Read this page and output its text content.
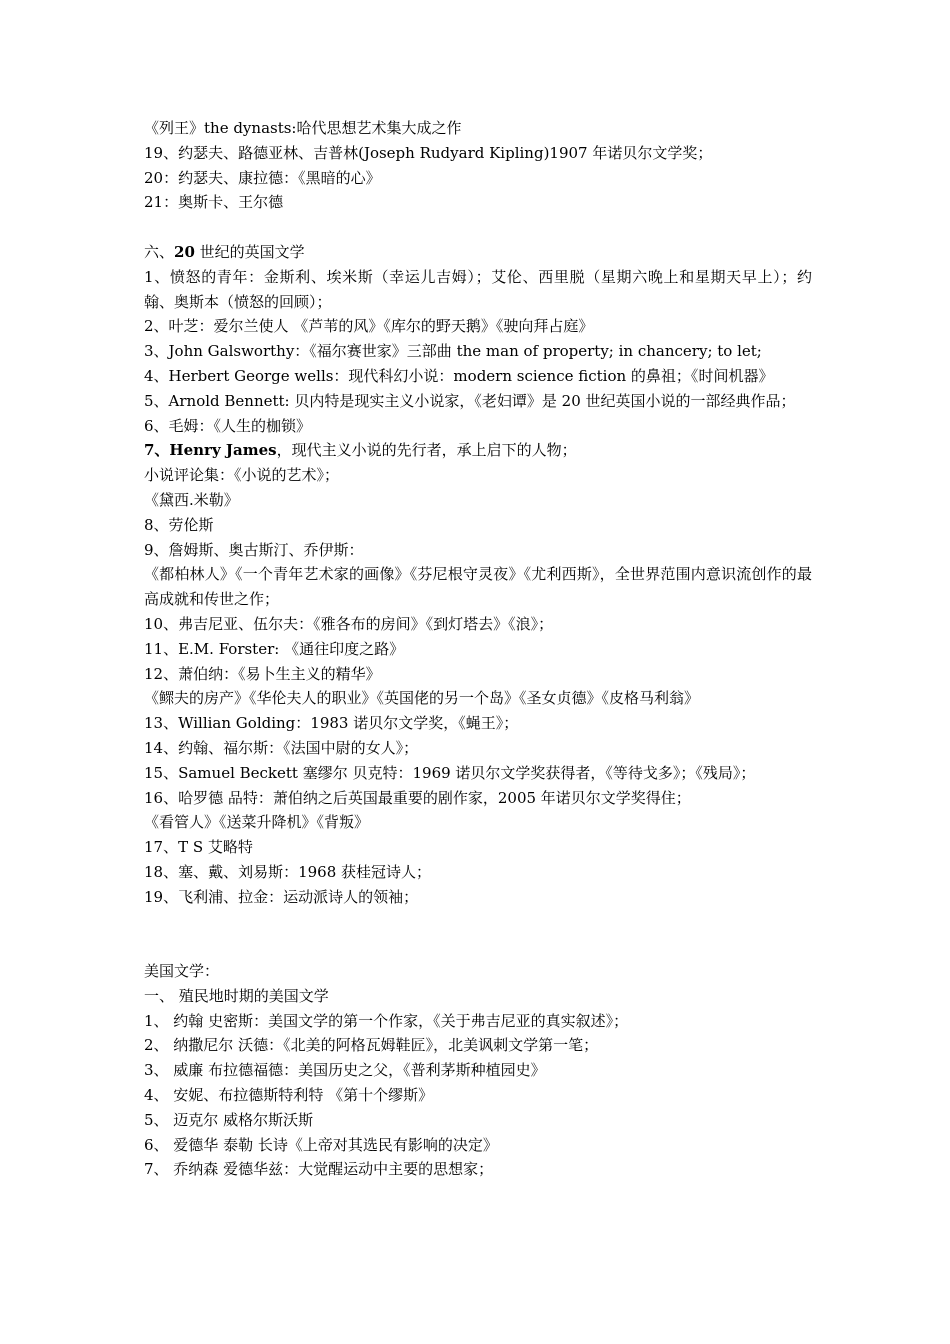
《列王》the dynasts:哈代思想艺术集大成之作

19、约瑟夫、路德亚林、吉普林(Joseph Rudyard Kipling)1907 年诺贝尔文学奖；

20：约瑟夫、康拉德：《黑暗的心》

21：奥斯卡、王尔德

六、20 世纪的英国文学

1、愤怒的青年：金斯利、埃米斯（幸运儿吉姆）；艾伦、西里脱（星期六晚上和星期天早上）；约翰、奥斯本（愤怒的回顾）；

2、叶芝：爱尔兰使人 《芦苇的风》《库尔的野天鹅》《驶向拜占庭》

3、John Galsworthy：《福尔赛世家》三部曲 the man of property; in chancery; to let;

4、Herbert George wells：现代科幻小说：modern science fiction 的鼻祖；《时间机器》

5、Arnold Bennett: 贝内特是现实主义小说家，《老妇谭》是 20 世纪英国小说的一部经典作品；

6、毛姆：《人生的枷锁》

7、Henry James，现代主义小说的先行者，承上启下的人物；

小说评论集：《小说的艺术》；

《黛西.米勒》

8、劳伦斯

9、詹姆斯、奥古斯汀、乔伊斯：

《都柏林人》《一个青年艺术家的画像》《芬尼根守灵夜》《尤利西斯》，全世界范围内意识流创作的最高成就和传世之作；

10、弗吉尼亚、伍尔夫：《雅各布的房间》《到灯塔去》《浪》；

11、E.M. Forster: 《通往印度之路》

12、萧伯纳：《易卜生主义的精华》

《鳏夫的房产》《华伦夫人的职业》《英国佬的另一个岛》《圣女贞德》《皮格马利翁》

13、Willian Golding：1983 诺贝尔文学奖，《蝇王》；

14、约翰、福尔斯：《法国中尉的女人》；

15、Samuel Beckett 塞缪尔 贝克特：1969 诺贝尔文学奖获得者，《等待戈多》；《残局》；

16、哈罗德 品特：萧伯纳之后英国最重要的剧作家，2005 年诺贝尔文学奖得住；

《看管人》《送菜升降机》《背叛》

17、T S 艾略特

18、塞、戴、刘易斯：1968 获桂冠诗人；

19、飞利浦、拉金：运动派诗人的领袖；

美国文学：

一、 殖民地时期的美国文学

1、 约翰 史密斯：美国文学的第一个作家，《关于弗吉尼亚的真实叙述》；

2、 纳撒尼尔 沃德：《北美的阿格瓦姆鞋匠》，北美讽刺文学第一笔；

3、 威廉 布拉德福德：美国历史之父，《普利茅斯种植园史》

4、 安妮、布拉德斯特利特 《第十个缪斯》

5、 迈克尔 威格尔斯沃斯

6、 爱德华 泰勒 长诗《上帝对其选民有影响的决定》

7、 乔纳森 爱德华兹：大觉醒运动中主要的思想家；
